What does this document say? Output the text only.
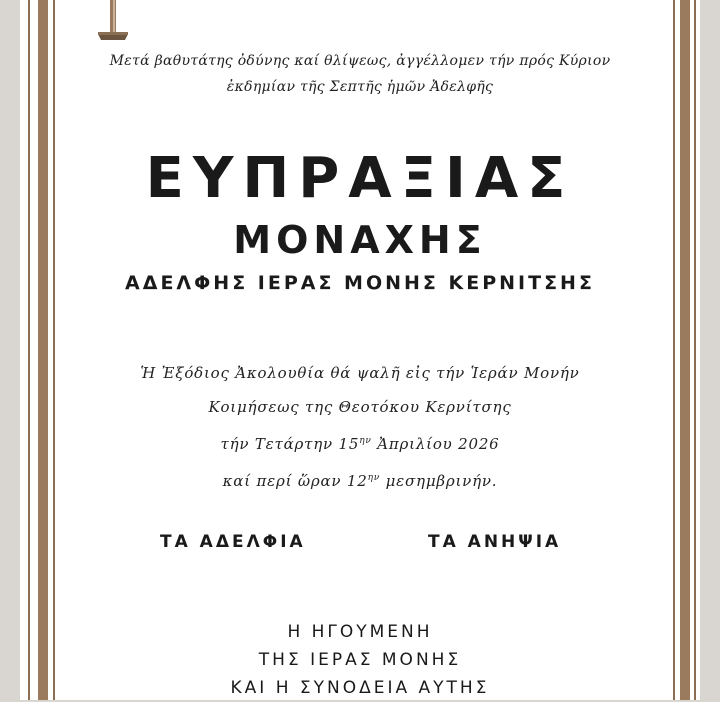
Μετά βαθυτάτης ὀδύνης καί θλίψεως, ἀγγέλλομεν τήν πρός Κύριον
ἐκδημίαν τῆς Σεπτῆς ἡμῶν Ἀδελφῆς
ΕΥΠΡΑΞΙΑΣ
ΜΟΝΑΧΗΣ
ΑΔΕΛΦΗΣ ΙΕΡΑΣ ΜΟΝΗΣ ΚΕΡΝΙΤΣΗΣ
Ἡ Ἐξόδιος Ἀκολουθία θά ψαλῆ εἰς τήν Ἱεράν Μονήν
Κοιμήσεως της Θεοτόκου Κερνίτσης
τήν Τετάρτην $15^{\eta\nu}$ Ἀπριλίου 2026
καί περί ὥραν $12^{\eta\nu}$ μεσημβρινήν.
ΤΑ ΑΔΕΛΦΙΑ	ΤΑ ΑΝΗΨΙΑ
Η ΗΓΟΥΜΕΝΗ
ΤΗΣ ΙΕΡΑΣ ΜΟΝΗΣ
ΚΑΙ Η ΣΥΝΟΔΕΙΑ ΑΥΤΗΣ
